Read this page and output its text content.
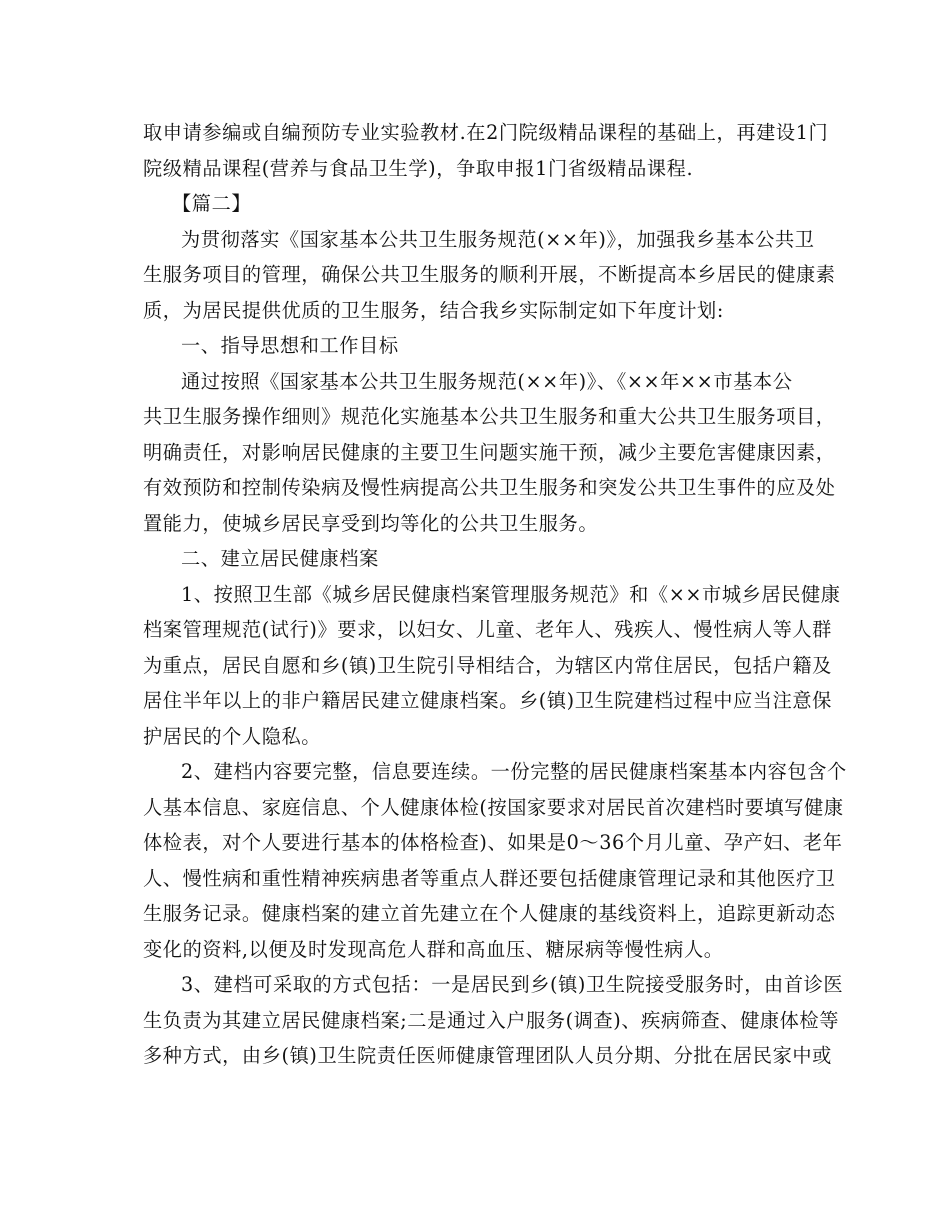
取申请参编或自编预防专业实验教材.在2门院级精品课程的基础上，再建设1门
院级精品课程(营养与食品卫生学)，争取申报1门省级精品课程.
【篇二】
为贯彻落实《国家基本公共卫生服务规范(××年)》，加强我乡基本公共卫
生服务项目的管理，确保公共卫生服务的顺利开展，不断提高本乡居民的健康素
质，为居民提供优质的卫生服务，结合我乡实际制定如下年度计划:
一、指导思想和工作目标
通过按照《国家基本公共卫生服务规范(××年)》、《××年××市基本公
共卫生服务操作细则》规范化实施基本公共卫生服务和重大公共卫生服务项目，
明确责任，对影响居民健康的主要卫生问题实施干预，减少主要危害健康因素，
有效预防和控制传染病及慢性病提高公共卫生服务和突发公共卫生事件的应及处
置能力，使城乡居民享受到均等化的公共卫生服务。
二、建立居民健康档案
1、按照卫生部《城乡居民健康档案管理服务规范》和《××市城乡居民健康
档案管理规范(试行)》要求，以妇女、儿童、老年人、残疾人、慢性病人等人群
为重点，居民自愿和乡(镇)卫生院引导相结合，为辖区内常住居民，包括户籍及
居住半年以上的非户籍居民建立健康档案。乡(镇)卫生院建档过程中应当注意保
护居民的个人隐私。
2、建档内容要完整，信息要连续。一份完整的居民健康档案基本内容包含个
人基本信息、家庭信息、个人健康体检(按国家要求对居民首次建档时要填写健康
体检表，对个人要进行基本的体格检查)、如果是0～36个月儿童、孕产妇、老年
人、慢性病和重性精神疾病患者等重点人群还要包括健康管理记录和其他医疗卫
生服务记录。健康档案的建立首先建立在个人健康的基线资料上，追踪更新动态
变化的资料,以便及时发现高危人群和高血压、糖尿病等慢性病人。
3、建档可采取的方式包括：一是居民到乡(镇)卫生院接受服务时，由首诊医
生负责为其建立居民健康档案;二是通过入户服务(调查)、疾病筛查、健康体检等
多种方式，由乡(镇)卫生院责任医师健康管理团队人员分期、分批在居民家中或
